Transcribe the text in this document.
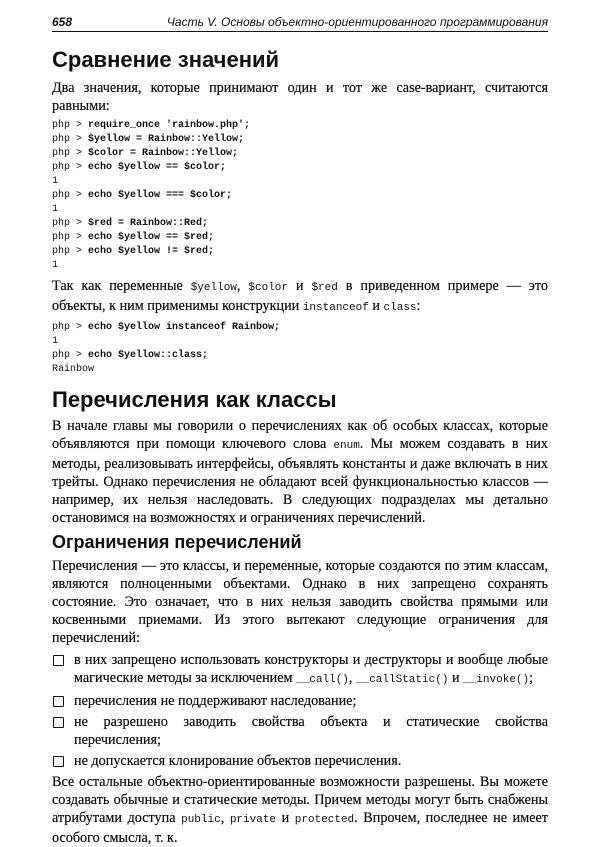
658	Часть V. Основы объектно-ориентированного программирования
Сравнение значений

Два значения, которые принимают один и тот же case-вариант, считаются равными:

php > require_once 'rainbow.php';
php > $yellow = Rainbow::Yellow;
php > $color = Rainbow::Yellow;
php > echo $yellow == $color;
1
php > echo $yellow === $color;
1
php > $red = Rainbow::Red;
php > echo $yellow == $red;
php > echo $yellow != $red;
1

Так как переменные $yellow, $color и $red в приведенном примере — это объекты, к ним применимы конструкции instanceof и class:

php > echo $yellow instanceof Rainbow;
1
php > echo $yellow::class;
Rainbow
Перечисления как классы

В начале главы мы говорили о перечислениях как об особых классах, которые объявляются при помощи ключевого слова enum. Мы можем создавать в них методы, реализовывать интерфейсы, объявлять константы и даже включать в них трейты. Однако перечисления не обладают всей функциональностью классов — например, их нельзя наследовать. В следующих подразделах мы детально остановимся на возможностях и ограничениях перечислений.

Ограничения перечислений

Перечисления — это классы, и переменные, которые создаются по этим классам, являются полноценными объектами. Однако в них запрещено сохранять состояние. Это означает, что в них нельзя заводить свойства прямыми или косвенными приемами. Из этого вытекают следующие ограничения для перечислений:

в них запрещено использовать конструкторы и деструкторы и вообще любые магические методы за исключением __call(), __callStatic() и __invoke();
перечисления не поддерживают наследование;
не разрешено заводить свойства объекта и статические свойства перечисления;
не допускается клонирование объектов перечисления.

Все остальные объектно-ориентированные возможности разрешены. Вы можете создавать обычные и статические методы. Причем методы могут быть снабжены атрибутами доступа public, private и protected. Впрочем, последнее не имеет особого смысла, т. к.
